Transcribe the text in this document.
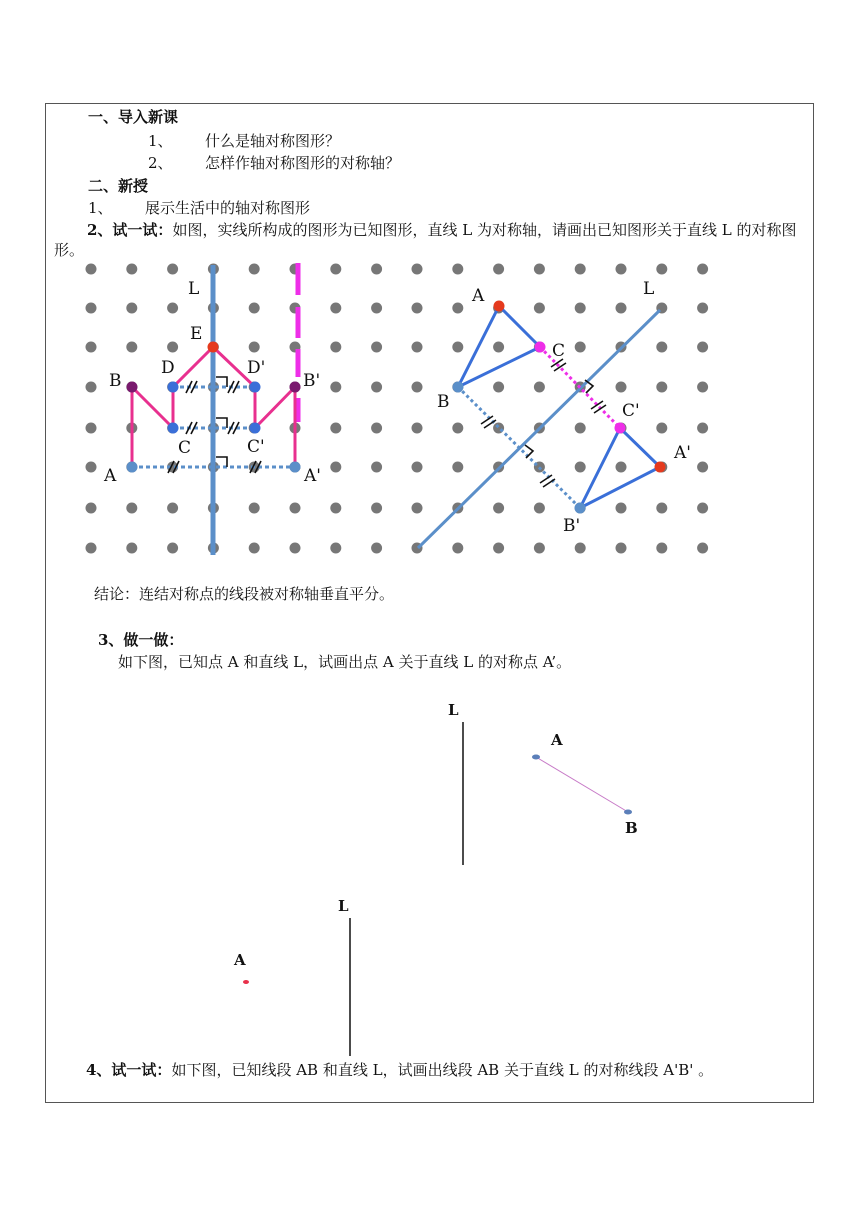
一、导入新课
1、 什么是轴对称图形？
2、 怎样作轴对称图形的对称轴？
二、新授
1、 展示生活中的轴对称图形
2、试一试：如图，实线所构成的图形为已知图形，直线 L 为对称轴，请画出已知图形关于直线 L 的对称图形。
L
E
D	D'
B	B'
C	C'
A	A'
A	L
C
B	C'
A'
B'
L
A
B
L
A
结论：连结对称点的线段被对称轴垂直平分。
3、做一做：
如下图，已知点 A 和直线 L，试画出点 A 关于直线 L 的对称点 A’。
4、试一试：如下图，已知线段 AB 和直线 L，试画出线段 AB 关于直线 L 的对称线段 A'B' 。
